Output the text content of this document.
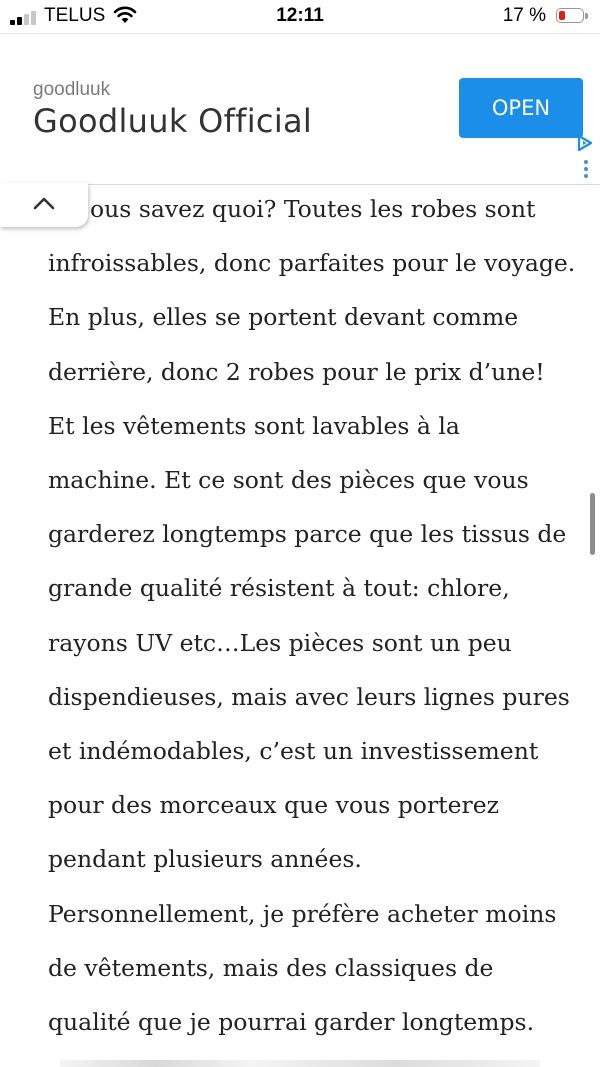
TELUS	12:11	17 %
goodluuk
Goodluuk Official	OPEN

ous savez quoi? Toutes les robes sont

infroissables, donc parfaites pour le voyage.

En plus, elles se portent devant comme

derrière, donc 2 robes pour le prix d’une!

Et les vêtements sont lavables à la

machine. Et ce sont des pièces que vous

garderez longtemps parce que les tissus de

grande qualité résistent à tout: chlore,

rayons UV etc…Les pièces sont un peu

dispendieuses, mais avec leurs lignes pures

et indémodables, c’est un investissement

pour des morceaux que vous porterez

pendant plusieurs années.

Personnellement, je préfère acheter moins

de vêtements, mais des classiques de

qualité que je pourrai garder longtemps.
